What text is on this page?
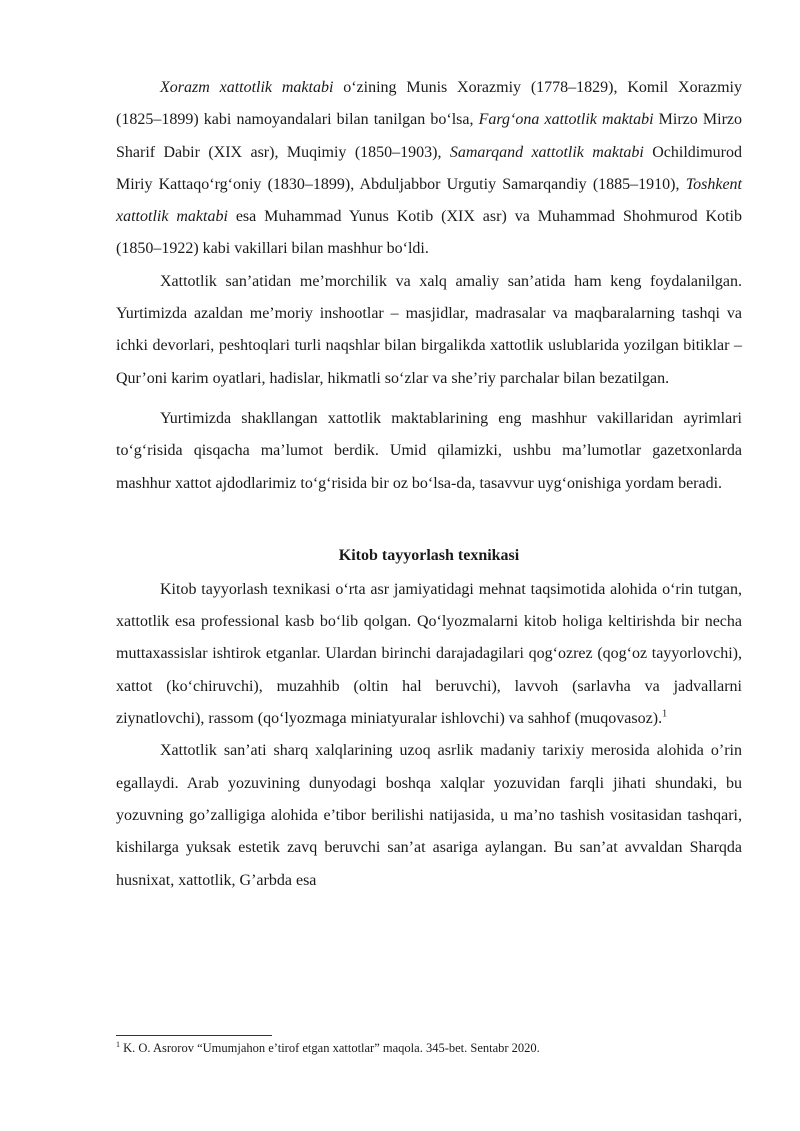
Xorazm xattotlik maktabi o‘zining Munis Xorazmiy (1778–1829), Komil Xorazmiy (1825–1899) kabi namoyandalari bilan tanilgan bo‘lsa, Farg‘ona xattotlik maktabi Mirzo Mirzo Sharif Dabir (XIX asr), Muqimiy (1850–1903), Samarqand xattotlik maktabi Ochildimurod Miriy Kattaqo‘rg‘oniy (1830–1899), Abduljabbor Urgutiy Samarqandiy (1885–1910), Toshkent xattotlik maktabi esa Muhammad Yunus Kotib (XIX asr) va Muhammad Shohmurod Kotib (1850–1922) kabi vakillari bilan mashhur bo‘ldi.

Xattotlik san’atidan me’morchilik va xalq amaliy san’atida ham keng foydalanilgan. Yurtimizda azaldan me’moriy inshootlar – masjidlar, madrasalar va maqbaralarning tashqi va ichki devorlari, peshtoqlari turli naqshlar bilan birgalikda xattotlik uslublarida yozilgan bitiklar – Qur’oni karim oyatlari, hadislar, hikmatli so‘zlar va she’riy parchalar bilan bezatilgan.

Yurtimizda shakllangan xattotlik maktablarining eng mashhur vakillaridan ayrimlari to‘g‘risida qisqacha ma’lumot berdik. Umid qilamizki, ushbu ma’lumotlar gazetxonlarda mashhur xattot ajdodlarimiz to‘g‘risida bir oz bo‘lsa-da, tasavvur uyg‘onishiga yordam beradi.

Kitob tayyorlash texnikasi

Kitob tayyorlash texnikasi o‘rta asr jamiyatidagi mehnat taqsimotida alohida o‘rin tutgan, xattotlik esa professional kasb bo‘lib qolgan. Qo‘lyozmalarni kitob holiga keltirishda bir necha muttaxassislar ishtirok etganlar. Ulardan birinchi darajadagilari qog‘ozrez (qog‘oz tayyorlovchi), xattot (ko‘chiruvchi), muzahhib (oltin hal beruvchi), lavvoh (sarlavha va jadvallarni ziynatlovchi), rassom (qo‘lyozmaga miniatyuralar ishlovchi) va sahhof (muqovasoz).$^1$

Xattotlik san’ati sharq xalqlarining uzoq asrlik madaniy tarixiy merosida alohida o’rin egallaydi. Arab yozuvining dunyodagi boshqa xalqlar yozuvidan farqli jihati shundaki, bu yozuvning go’zalligiga alohida e’tibor berilishi natijasida, u ma’no tashish vositasidan tashqari, kishilarga yuksak estetik zavq beruvchi san’at asariga aylangan. Bu san’at avvaldan Sharqda husnixat, xattotlik, G’arbda esa

$^1$ K. O. Asrorov “Umumjahon e’tirof etgan xattotlar” maqola. 345-bet. Sentabr 2020.
